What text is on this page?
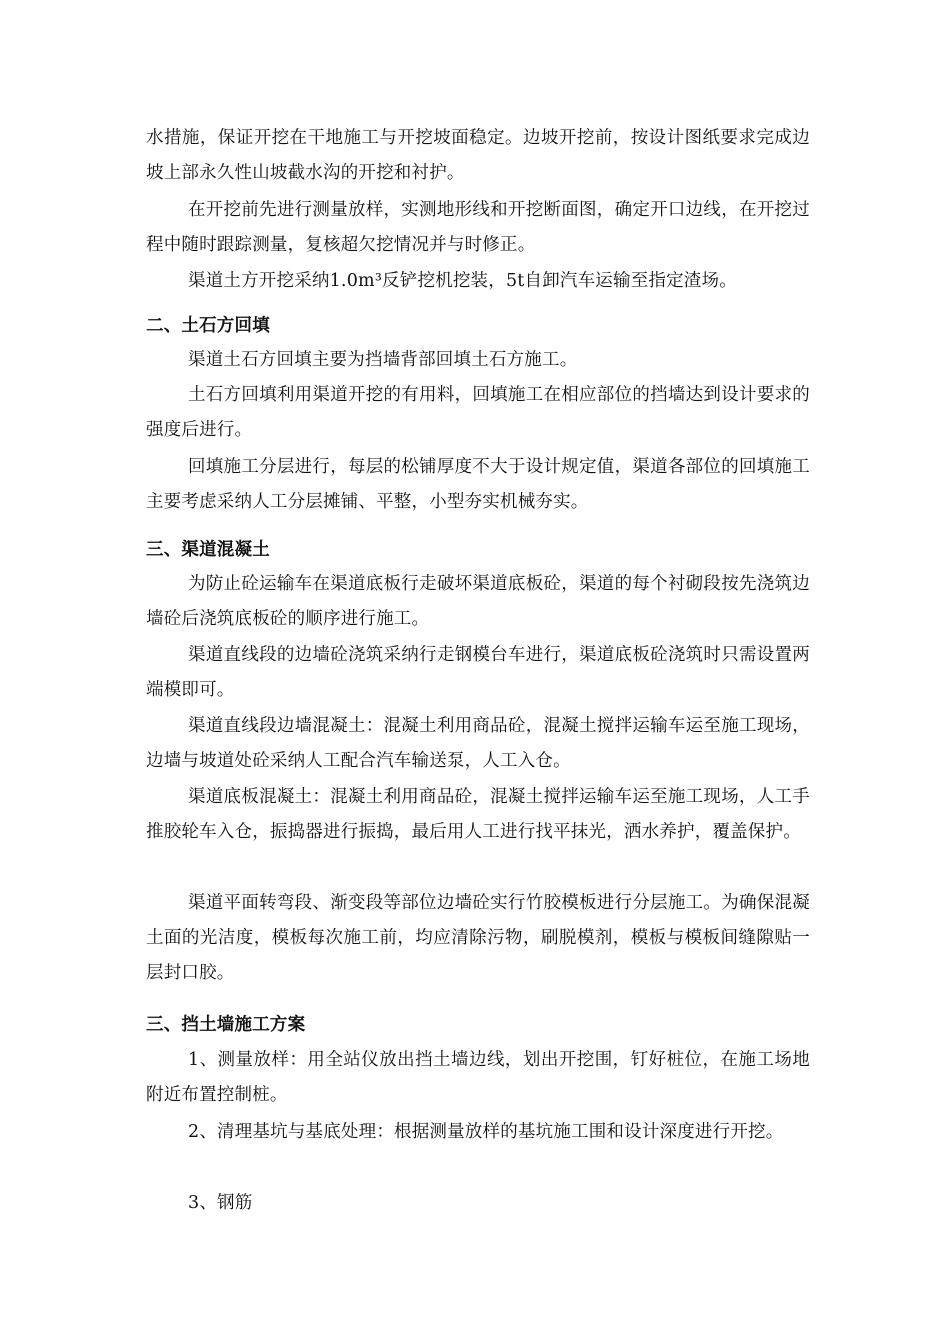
水措施，保证开挖在干地施工与开挖坡面稳定。边坡开挖前，按设计图纸要求完成边坡上部永久性山坡截水沟的开挖和衬护。

在开挖前先进行测量放样，实测地形线和开挖断面图，确定开口边线，在开挖过程中随时跟踪测量，复核超欠挖情况并与时修正。

渠道土方开挖采纳1.0m³反铲挖机挖装，5t自卸汽车运输至指定渣场。

二、土石方回填

渠道土石方回填主要为挡墙背部回填土石方施工。

土石方回填利用渠道开挖的有用料，回填施工在相应部位的挡墙达到设计要求的强度后进行。

回填施工分层进行，每层的松铺厚度不大于设计规定值，渠道各部位的回填施工主要考虑采纳人工分层摊铺、平整，小型夯实机械夯实。

三、渠道混凝土

为防止砼运输车在渠道底板行走破坏渠道底板砼，渠道的每个衬砌段按先浇筑边墙砼后浇筑底板砼的顺序进行施工。

渠道直线段的边墙砼浇筑采纳行走钢模台车进行，渠道底板砼浇筑时只需设置两端模即可。

渠道直线段边墙混凝土：混凝土利用商品砼，混凝土搅拌运输车运至施工现场，边墙与坡道处砼采纳人工配合汽车输送泵，人工入仓。

渠道底板混凝土：混凝土利用商品砼，混凝土搅拌运输车运至施工现场，人工手推胶轮车入仓，振捣器进行振捣，最后用人工进行找平抹光，洒水养护，覆盖保护。

渠道平面转弯段、渐变段等部位边墙砼实行竹胶模板进行分层施工。为确保混凝土面的光洁度，模板每次施工前，均应清除污物，刷脱模剂，模板与模板间缝隙贴一层封口胶。

三、挡土墙施工方案

1、测量放样：用全站仪放出挡土墙边线，划出开挖围，钉好桩位，在施工场地附近布置控制桩。

2、清理基坑与基底处理：根据测量放样的基坑施工围和设计深度进行开挖。

3、钢筋
